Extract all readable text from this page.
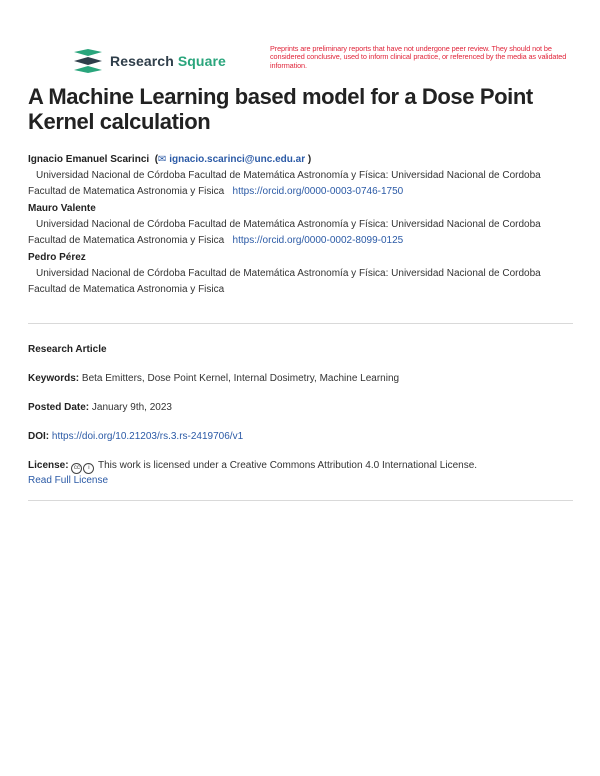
Research Square
Preprints are preliminary reports that have not undergone peer review. They should not be considered conclusive, used to inform clinical practice, or referenced by the media as validated information.
A Machine Learning based model for a Dose Point Kernel calculation
Ignacio Emanuel Scarinci  (✉ ignacio.scarinci@unc.edu.ar )
Universidad Nacional de Córdoba Facultad de Matemática Astronomía y Física: Universidad Nacional de Cordoba Facultad de Matematica Astronomia y Fisica https://orcid.org/0000-0003-0746-1750
Mauro Valente
Universidad Nacional de Córdoba Facultad de Matemática Astronomía y Física: Universidad Nacional de Cordoba Facultad de Matematica Astronomia y Fisica https://orcid.org/0000-0002-8099-0125
Pedro Pérez
Universidad Nacional de Córdoba Facultad de Matemática Astronomía y Física: Universidad Nacional de Cordoba Facultad de Matematica Astronomia y Fisica
Research Article
Keywords: Beta Emitters, Dose Point Kernel, Internal Dosimetry, Machine Learning
Posted Date: January 9th, 2023
DOI: https://doi.org/10.21203/rs.3.rs-2419706/v1
License: cc i This work is licensed under a Creative Commons Attribution 4.0 International License.
Read Full License
